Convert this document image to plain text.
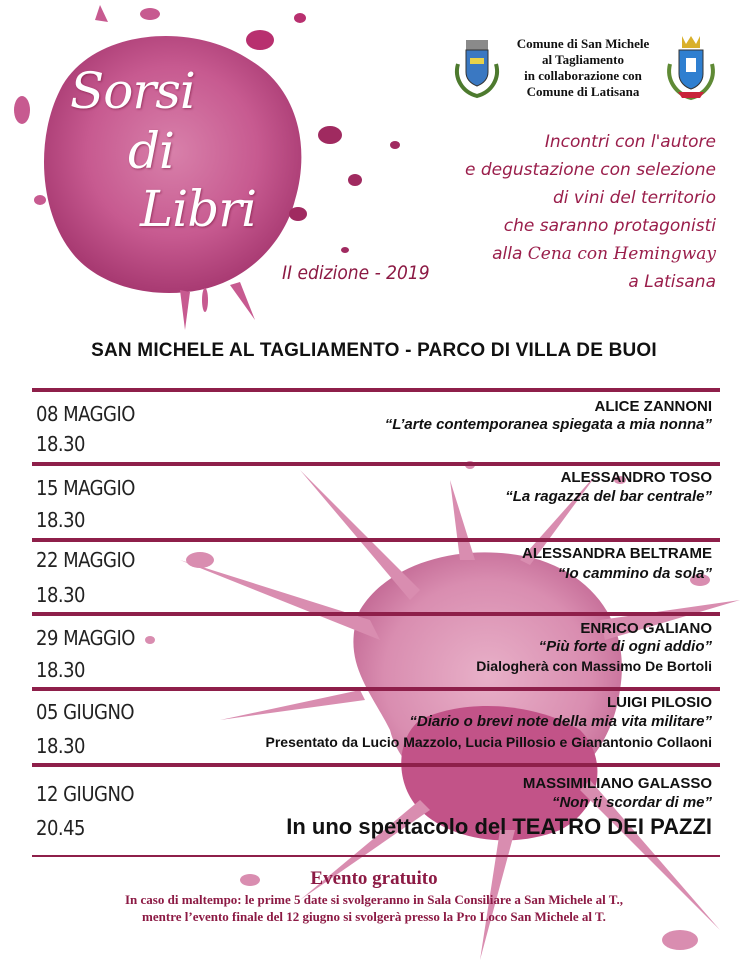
Sorsi
di
Libri
II edizione - 2019
Comune di San Michele
al Tagliamento
in collaborazione con
Comune di Latisana
Incontri con l'autore
e degustazione con selezione
di vini del territorio
che saranno protagonisti
alla Cena con Hemingway
a Latisana
SAN MICHELE AL TAGLIAMENTO - PARCO DI VILLA DE BUOI
08 MAGGIO
18.30
ALICE ZANNONI
“L’arte contemporanea spiegata a mia nonna”
15 MAGGIO
18.30
ALESSANDRO TOSO
“La ragazza del bar centrale”
22 MAGGIO
18.30
ALESSANDRA BELTRAME
“Io cammino da sola”
29 MAGGIO
18.30
ENRICO GALIANO
“Più forte di ogni addio”
Dialogherà con Massimo De Bortoli
05 GIUGNO
18.30
LUIGI PILOSIO
“Diario o brevi note della mia vita militare”
Presentato da Lucio Mazzolo, Lucia Pillosio e Gianantonio Collaoni
12 GIUGNO
20.45
MASSIMILIANO GALASSO
“Non ti scordar di me”
In uno spettacolo del TEATRO DEI PAZZI
Evento gratuito
In caso di maltempo: le prime 5 date si svolgeranno in Sala Consiliare a San Michele al T.,
mentre l’evento finale del 12 giugno si svolgerà presso la Pro Loco San Michele al T.
